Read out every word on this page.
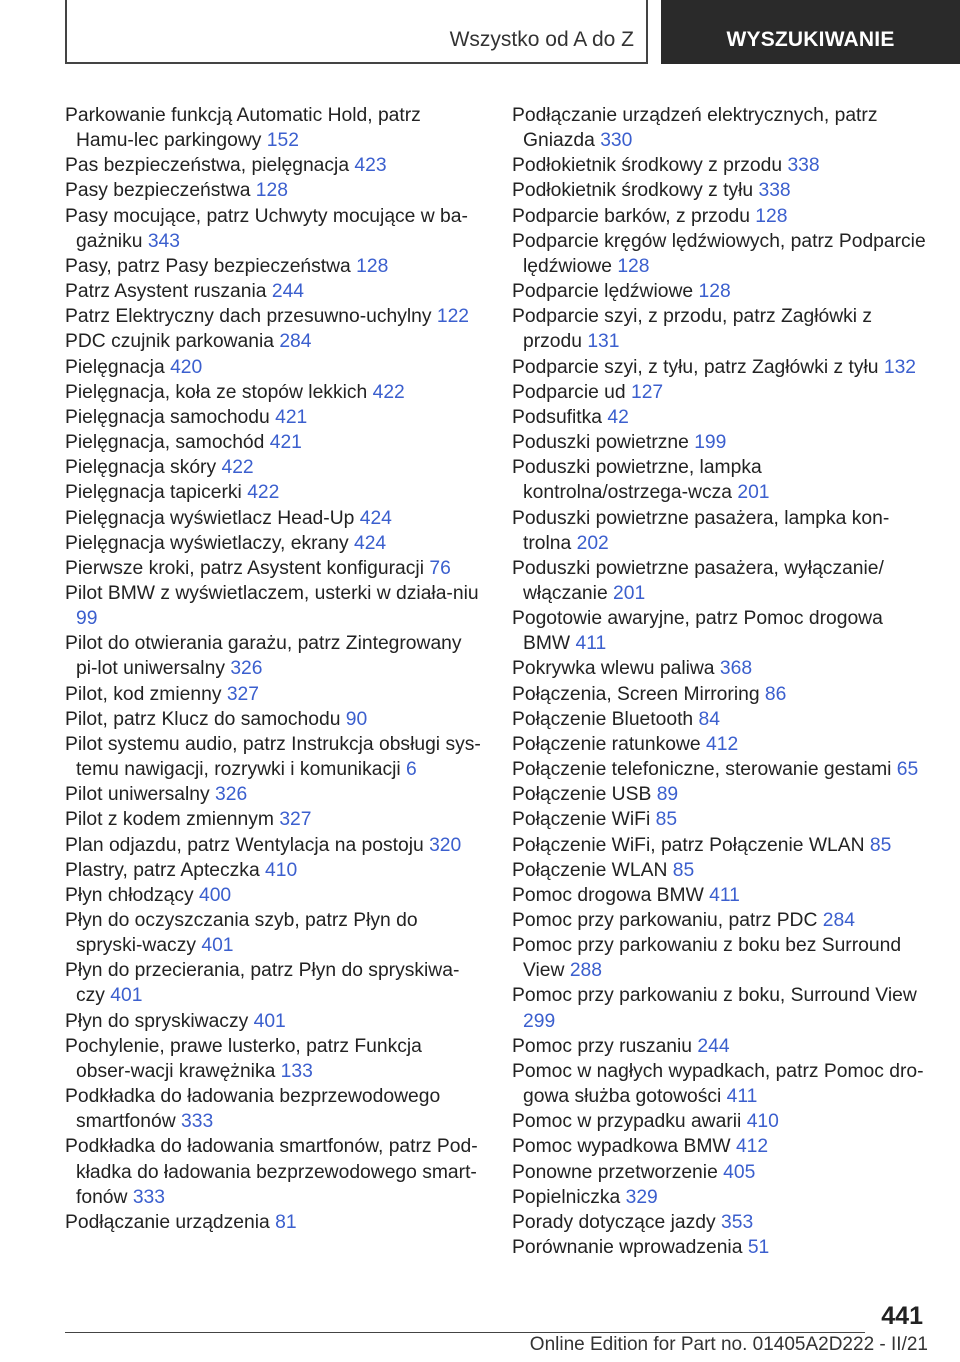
Wszystko od A do Z	WYSZUKIWANIE

Parkowanie funkcją Automatic Hold, patrz Hamu-lec parkingowy 152

Pas bezpieczeństwa, pielęgnacja 423

Pasy bezpieczeństwa 128

Pasy mocujące, patrz Uchwyty mocujące w ba-gażniku 343

Pasy, patrz Pasy bezpieczeństwa 128

Patrz Asystent ruszania 244

Patrz Elektryczny dach przesuwno-uchylny 122

PDC czujnik parkowania 284

Pielęgnacja 420

Pielęgnacja, koła ze stopów lekkich 422

Pielęgnacja samochodu 421

Pielęgnacja, samochód 421

Pielęgnacja skóry 422

Pielęgnacja tapicerki 422

Pielęgnacja wyświetlacz Head-Up 424

Pielęgnacja wyświetlaczy, ekrany 424

Pierwsze kroki, patrz Asystent konfiguracji 76

Pilot BMW z wyświetlaczem, usterki w działa-niu 99

Pilot do otwierania garażu, patrz Zintegrowany pi-lot uniwersalny 326

Pilot, kod zmienny 327

Pilot, patrz Klucz do samochodu 90

Pilot systemu audio, patrz Instrukcja obsługi sys-temu nawigacji, rozrywki i komunikacji 6

Pilot uniwersalny 326

Pilot z kodem zmiennym 327

Plan odjazdu, patrz Wentylacja na postoju 320

Plastry, patrz Apteczka 410

Płyn chłodzący 400

Płyn do oczyszczania szyb, patrz Płyn do spryski-waczy 401

Płyn do przecierania, patrz Płyn do spryskiwa-czy 401

Płyn do spryskiwaczy 401

Pochylenie, prawe lusterko, patrz Funkcja obser-wacji krawężnika 133

Podkładka do ładowania bezprzewodowego smartfonów 333

Podkładka do ładowania smartfonów, patrz Pod-kładka do ładowania bezprzewodowego smart-fonów 333

Podłączanie urządzenia 81

Podłączanie urządzeń elektrycznych, patrz Gniazda 330

Podłokietnik środkowy z przodu 338

Podłokietnik środkowy z tyłu 338

Podparcie barków, z przodu 128

Podparcie kręgów lędźwiowych, patrz Podparcie lędźwiowe 128

Podparcie lędźwiowe 128

Podparcie szyi, z przodu, patrz Zagłówki z przodu 131

Podparcie szyi, z tyłu, patrz Zagłówki z tyłu 132

Podparcie ud 127

Podsufitka 42

Poduszki powietrzne 199

Poduszki powietrzne, lampka kontrolna/ostrzega-wcza 201

Poduszki powietrzne pasażera, lampka kon-trolna 202

Poduszki powietrzne pasażera, wyłączanie/ włączanie 201

Pogotowie awaryjne, patrz Pomoc drogowa BMW 411

Pokrywka wlewu paliwa 368

Połączenia, Screen Mirroring 86

Połączenie Bluetooth 84

Połączenie ratunkowe 412

Połączenie telefoniczne, sterowanie gestami 65

Połączenie USB 89

Połączenie WiFi 85

Połączenie WiFi, patrz Połączenie WLAN 85

Połączenie WLAN 85

Pomoc drogowa BMW 411

Pomoc przy parkowaniu, patrz PDC 284

Pomoc przy parkowaniu z boku bez Surround View 288

Pomoc przy parkowaniu z boku, Surround View 299

Pomoc przy ruszaniu 244

Pomoc w nagłych wypadkach, patrz Pomoc dro-gowa służba gotowości 411

Pomoc w przypadku awarii 410

Pomoc wypadkowa BMW 412

Ponowne przetworzenie 405

Popielniczka 329

Porady dotyczące jazdy 353

Porównanie wprowadzenia 51

441
Online Edition for Part no. 01405A2D222 - II/21
